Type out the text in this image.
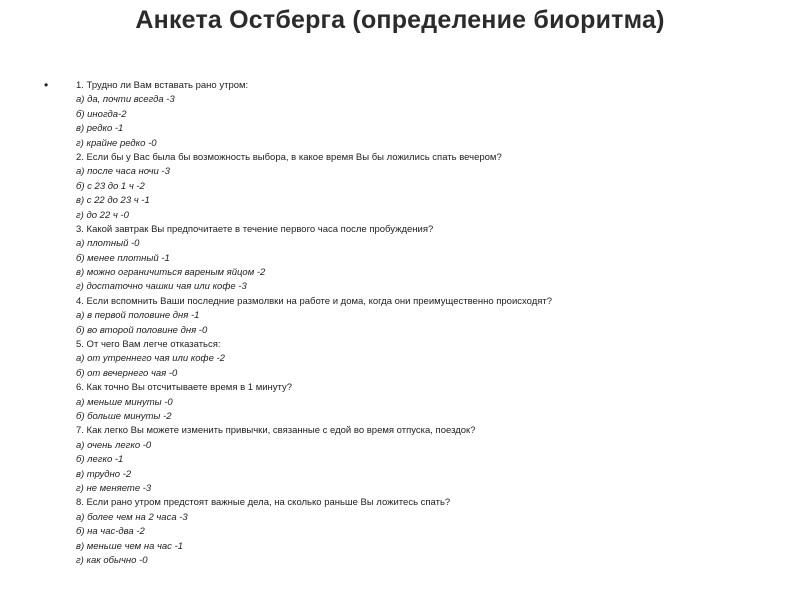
Анкета Остберга (определение биоритма)
•	1. Трудно ли Вам вставать рано утром:
а) да, почти всегда -3
б) иногда-2
в) редко -1
г) крайне редко -0
2. Если бы у Вас была бы возможность выбора, в какое время Вы бы ложились спать вечером?
а) после часа ночи -3
б) с 23 до 1 ч -2
в) с 22 до 23 ч -1
г) до 22 ч -0
3. Какой завтрак Вы предпочитаете в течение первого часа после пробуждения?
а) плотный -0
б) менее плотный -1
в) можно ограничиться вареным яйцом -2
г) достаточно чашки чая или кофе -3
4. Если вспомнить Ваши последние размолвки на работе и дома, когда они преимущественно происходят?
а) в первой половине дня -1
б) во второй половине дня -0
5. От чего Вам легче отказаться:
а) от утреннего чая или кофе -2
б) от вечернего чая -0
6. Как точно Вы отсчитываете время в 1 минуту?
а) меньше минуты -0
б) больше минуты -2
7. Как легко Вы можете изменить привычки, связанные с едой во время отпуска, поездок?
а) очень легко -0
б) легко -1
в) трудно -2
г) не меняете -3
8. Если рано утром предстоят важные дела, на сколько раньше Вы ложитесь спать?
а) более чем на 2 часа -3
б) на час-два -2
в) меньше чем на час -1
г) как обычно -0
